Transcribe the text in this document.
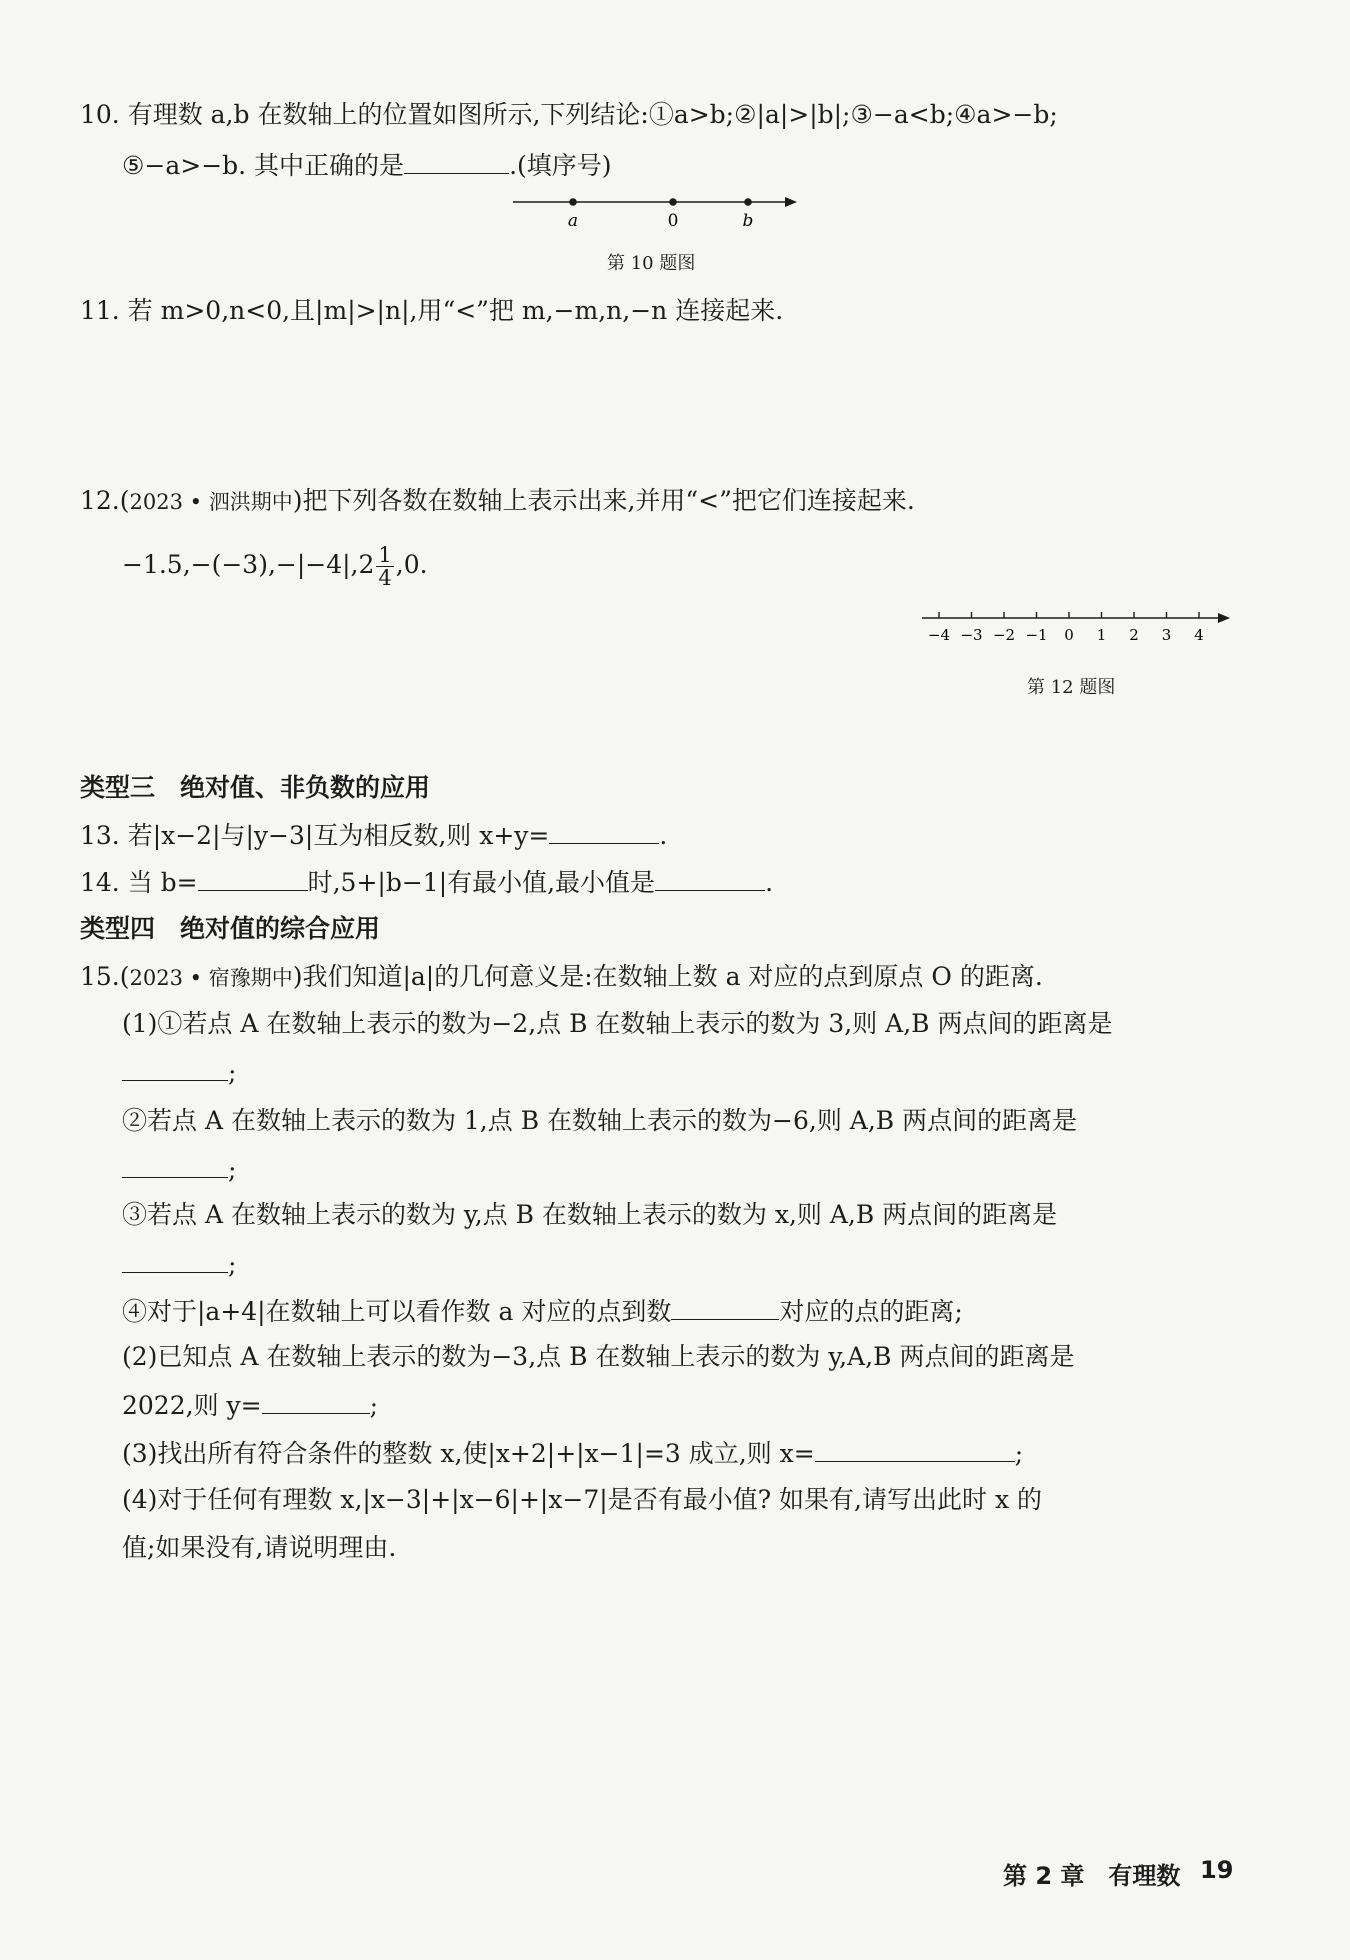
10. 有理数 a,b 在数轴上的位置如图所示,下列结论:①a>b;②|a|>|b|;③−a<b;④a>−b;
⑤−a>−b. 其中正确的是	.(填序号)
a	0	b
第 10 题图
11. 若 m>0,n<0,且|m|>|n|,用“<”把 m,−m,n,−n 连接起来.
12.(2023 • 泗洪期中)把下列各数在数轴上表示出来,并用“<”把它们连接起来.
$-1.5,-(-3),-|-4|,2 \frac{1}{4} ,0$.
−4 −3 −2 −1 0 1 2 3 4
第 12 题图
类型三　绝对值、非负数的应用
13. 若|x−2|与|y−3|互为相反数,则 x+y=	.
14. 当 b=	时,5+|b−1|有最小值,最小值是	.
类型四　绝对值的综合应用
15.(2023 • 宿豫期中)我们知道|a|的几何意义是:在数轴上数 a 对应的点到原点 O 的距离.
(1)①若点 A 在数轴上表示的数为−2,点 B 在数轴上表示的数为 3,则 A,B 两点间的距离是
;
②若点 A 在数轴上表示的数为 1,点 B 在数轴上表示的数为−6,则 A,B 两点间的距离是
;
③若点 A 在数轴上表示的数为 y,点 B 在数轴上表示的数为 x,则 A,B 两点间的距离是
;
④对于|a+4|在数轴上可以看作数 a 对应的点到数	对应的点的距离;
(2)已知点 A 在数轴上表示的数为−3,点 B 在数轴上表示的数为 y,A,B 两点间的距离是
2022,则 y=	;
(3)找出所有符合条件的整数 x,使|x+2|+|x−1|=3 成立,则 x=	;
(4)对于任何有理数 x,|x−3|+|x−6|+|x−7|是否有最小值? 如果有,请写出此时 x 的
值;如果没有,请说明理由.
第 2 章　有理数 19
